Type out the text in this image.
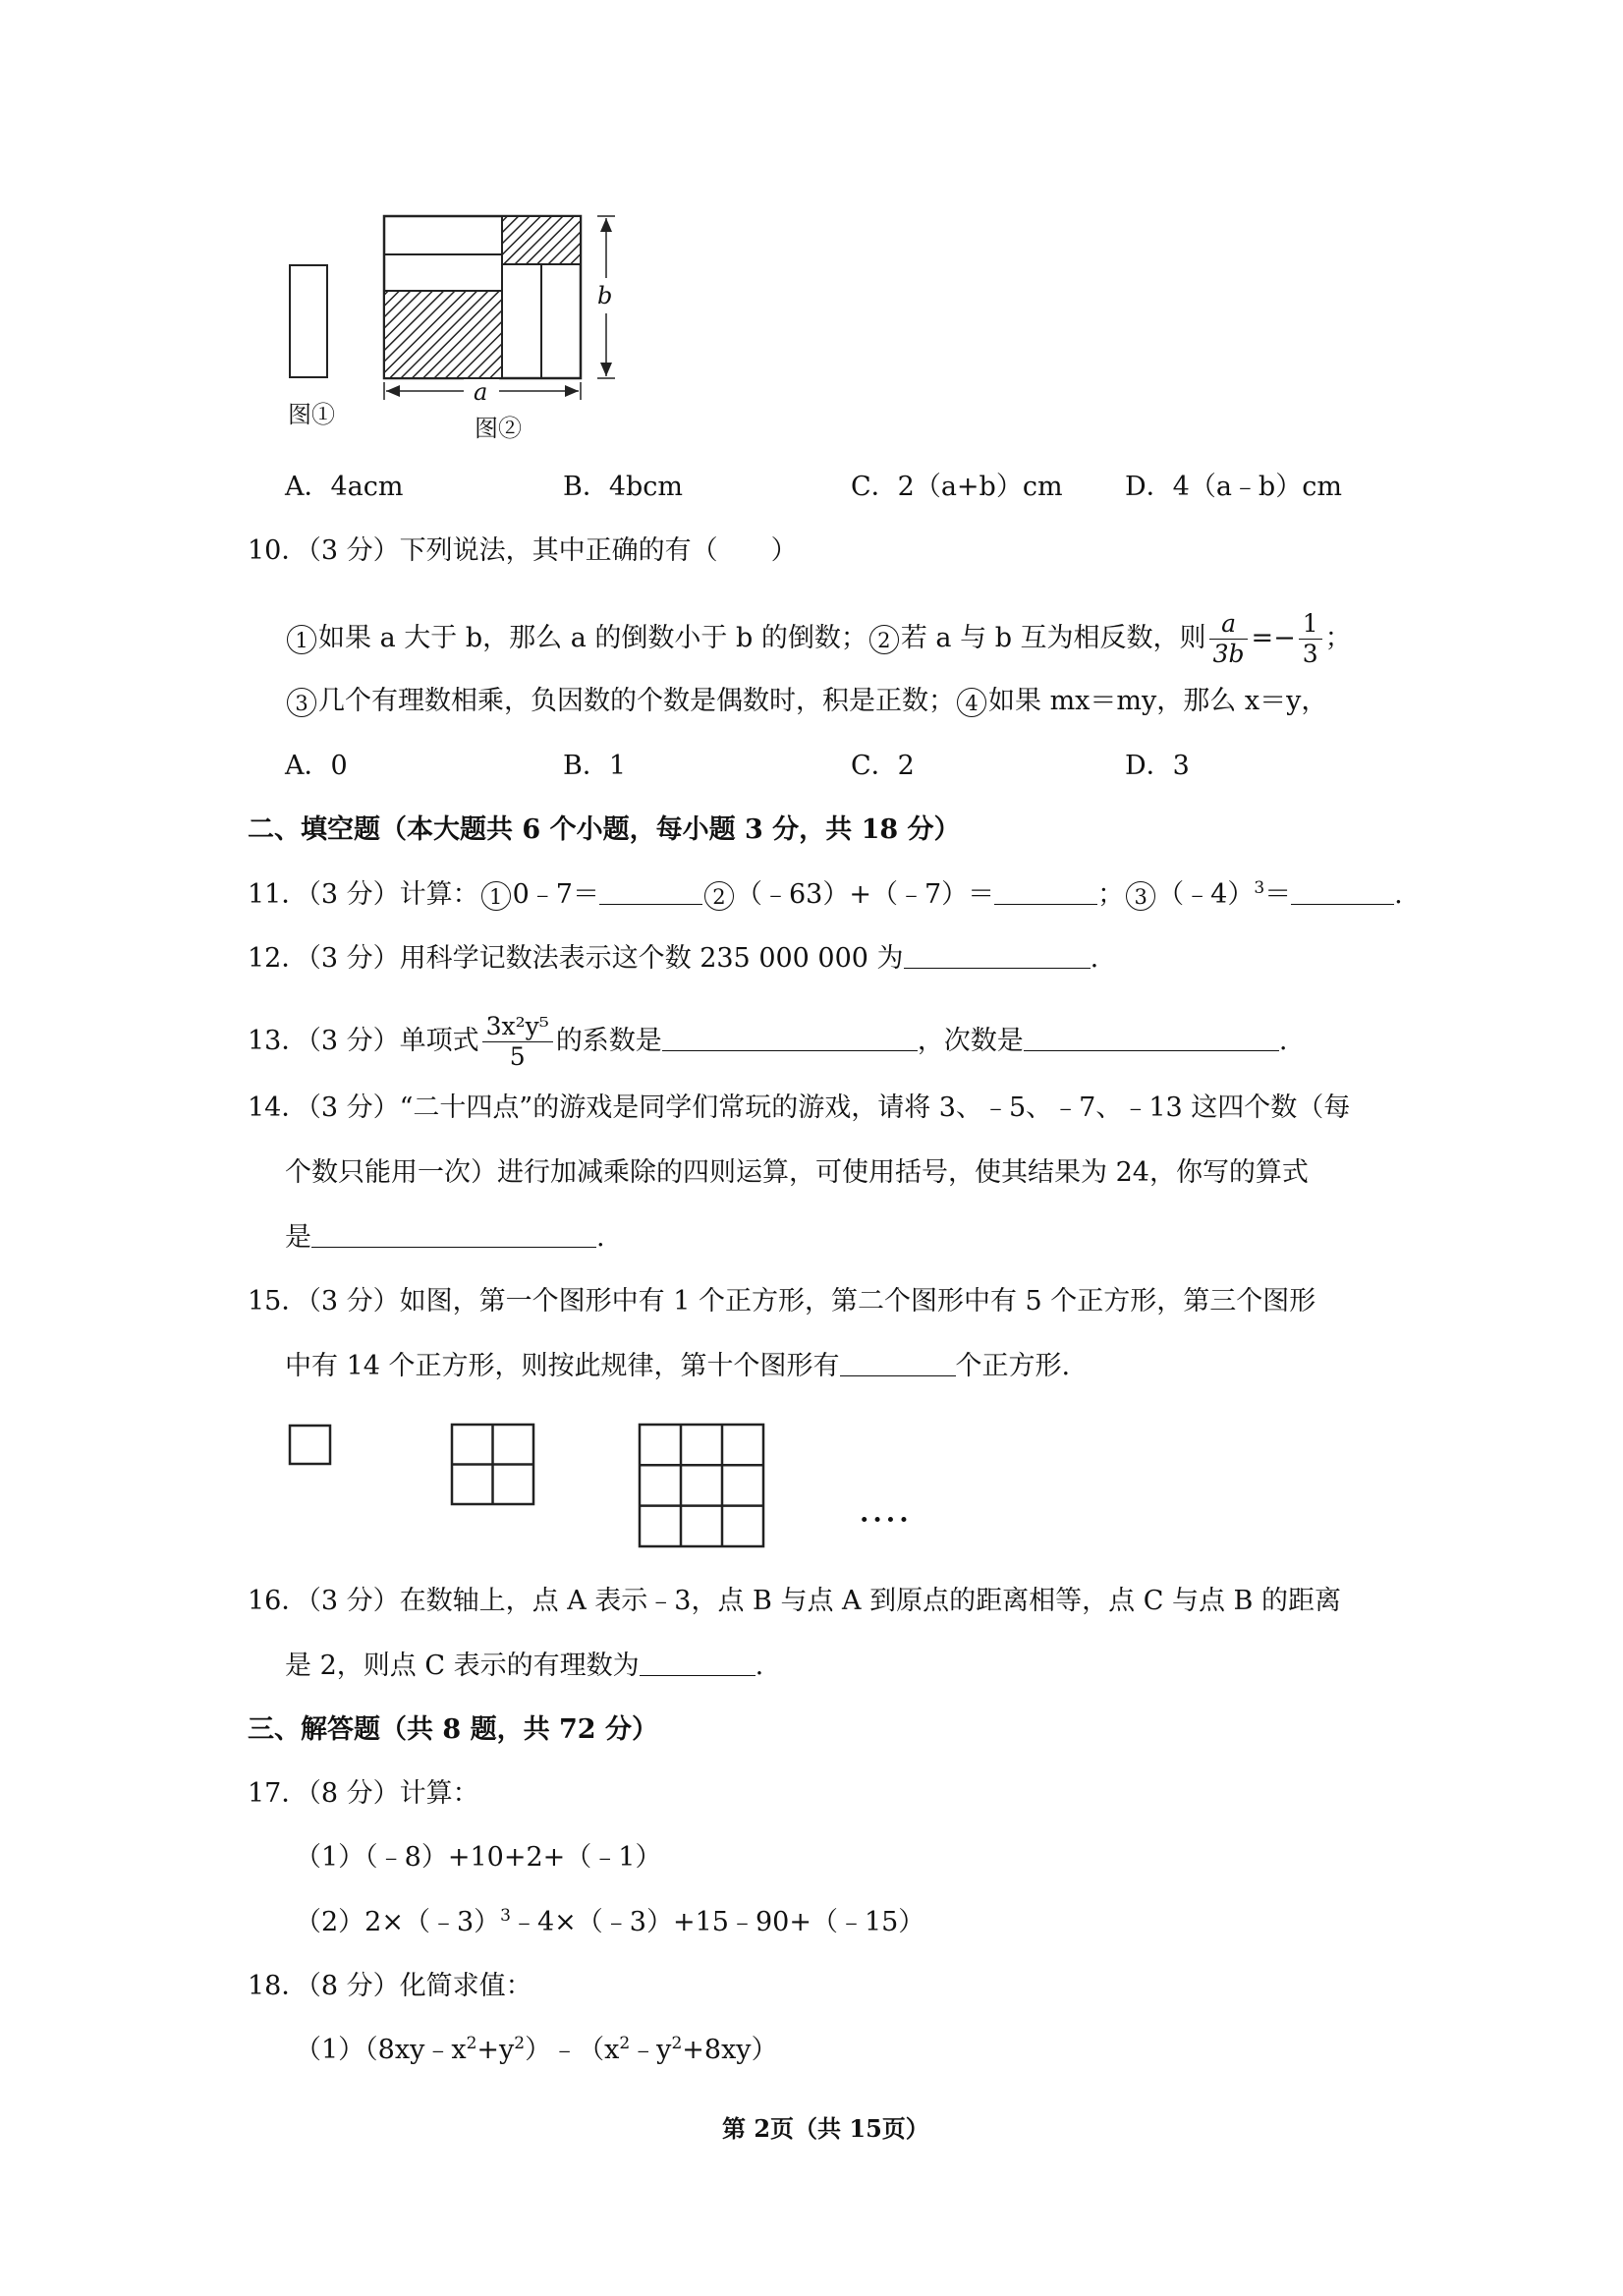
b
a
图①	图②
A．4acm	B．4bcm	C．2（a+b）cm D．4（a﹣b）cm
10．（3 分）下列说法，其中正确的有（　　）
1 如果 a 大于 b，那么 a 的倒数小于 b 的倒数； 2 若 a 与 b 互为相反数，则 $\frac{a}{3b} =- \frac{1}{3}$ ；
3 几个有理数相乘，负因数的个数是偶数时，积是正数； 4 如果 mx＝my，那么 x＝y，
A．0	B．1	C．2	D．3
二、填空题（本大题共 6 个小题，每小题 3 分，共 18 分）
11．（3 分）计算： 1 0﹣7＝	2 （﹣63）+（﹣7）＝	； 3 （﹣4）$^3$＝	.
12．（3 分）用科学记数法表示这个数 235 000 000 为	.
13．（3 分）单项式 $\frac{\text{3x²y⁵}}{5}$ 的系数是	，次数是	.
14．（3 分）“二十四点”的游戏是同学们常玩的游戏，请将 3、﹣5、﹣7、﹣13 这四个数（每
个数只能用一次）进行加减乘除的四则运算，可使用括号，使其结果为 24，你写的算式
是	.
15．（3 分）如图，第一个图形中有 1 个正方形，第二个图形中有 5 个正方形，第三个图形
中有 14 个正方形，则按此规律，第十个图形有	个正方形.
····
16．（3 分）在数轴上，点 A 表示﹣3，点 B 与点 A 到原点的距离相等，点 C 与点 B 的距离
是 2，则点 C 表示的有理数为	.
三、解答题（共 8 题，共 72 分）
17．（8 分）计算：
（1）（﹣8）+10+2+（﹣1）
（2）2×（﹣3）$^3$﹣4×（﹣3）+15﹣90+（﹣15）
18．（8 分）化简求值：
$(1)(8xy﹣x^2+y^2)﹣(x^2﹣y^2+8xy)$
第 2页（共 15页）
